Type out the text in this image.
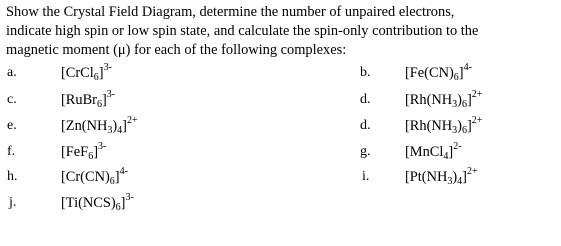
Show the Crystal Field Diagram, determine the number of unpaired electrons,
indicate high spin or low spin state, and calculate the spin-only contribution to the
magnetic moment (μ) for each of the following complexes:

a.	[CrCl$_6$]$^{3-}$	b. $[Fe(CN)_6]^{4-}$
c.	[RuBr$_6$]$^{3-}$	d. $[Rh(NH_3)_6]^{2+}$
e.	$[Zn(NH_3)_4]^{2+}$	d. $[Rh(NH_3)_6]^{2+}$
f.	$[FeF_6]^{3-}$	g. [MnCl$_4$]$^{2-}$
h.	$[Cr(CN)_6]^{4-}$	i. $[Pt(NH_3)_4]^{2+}$
j.	$[Ti(NCS)_6]^{3-}$
